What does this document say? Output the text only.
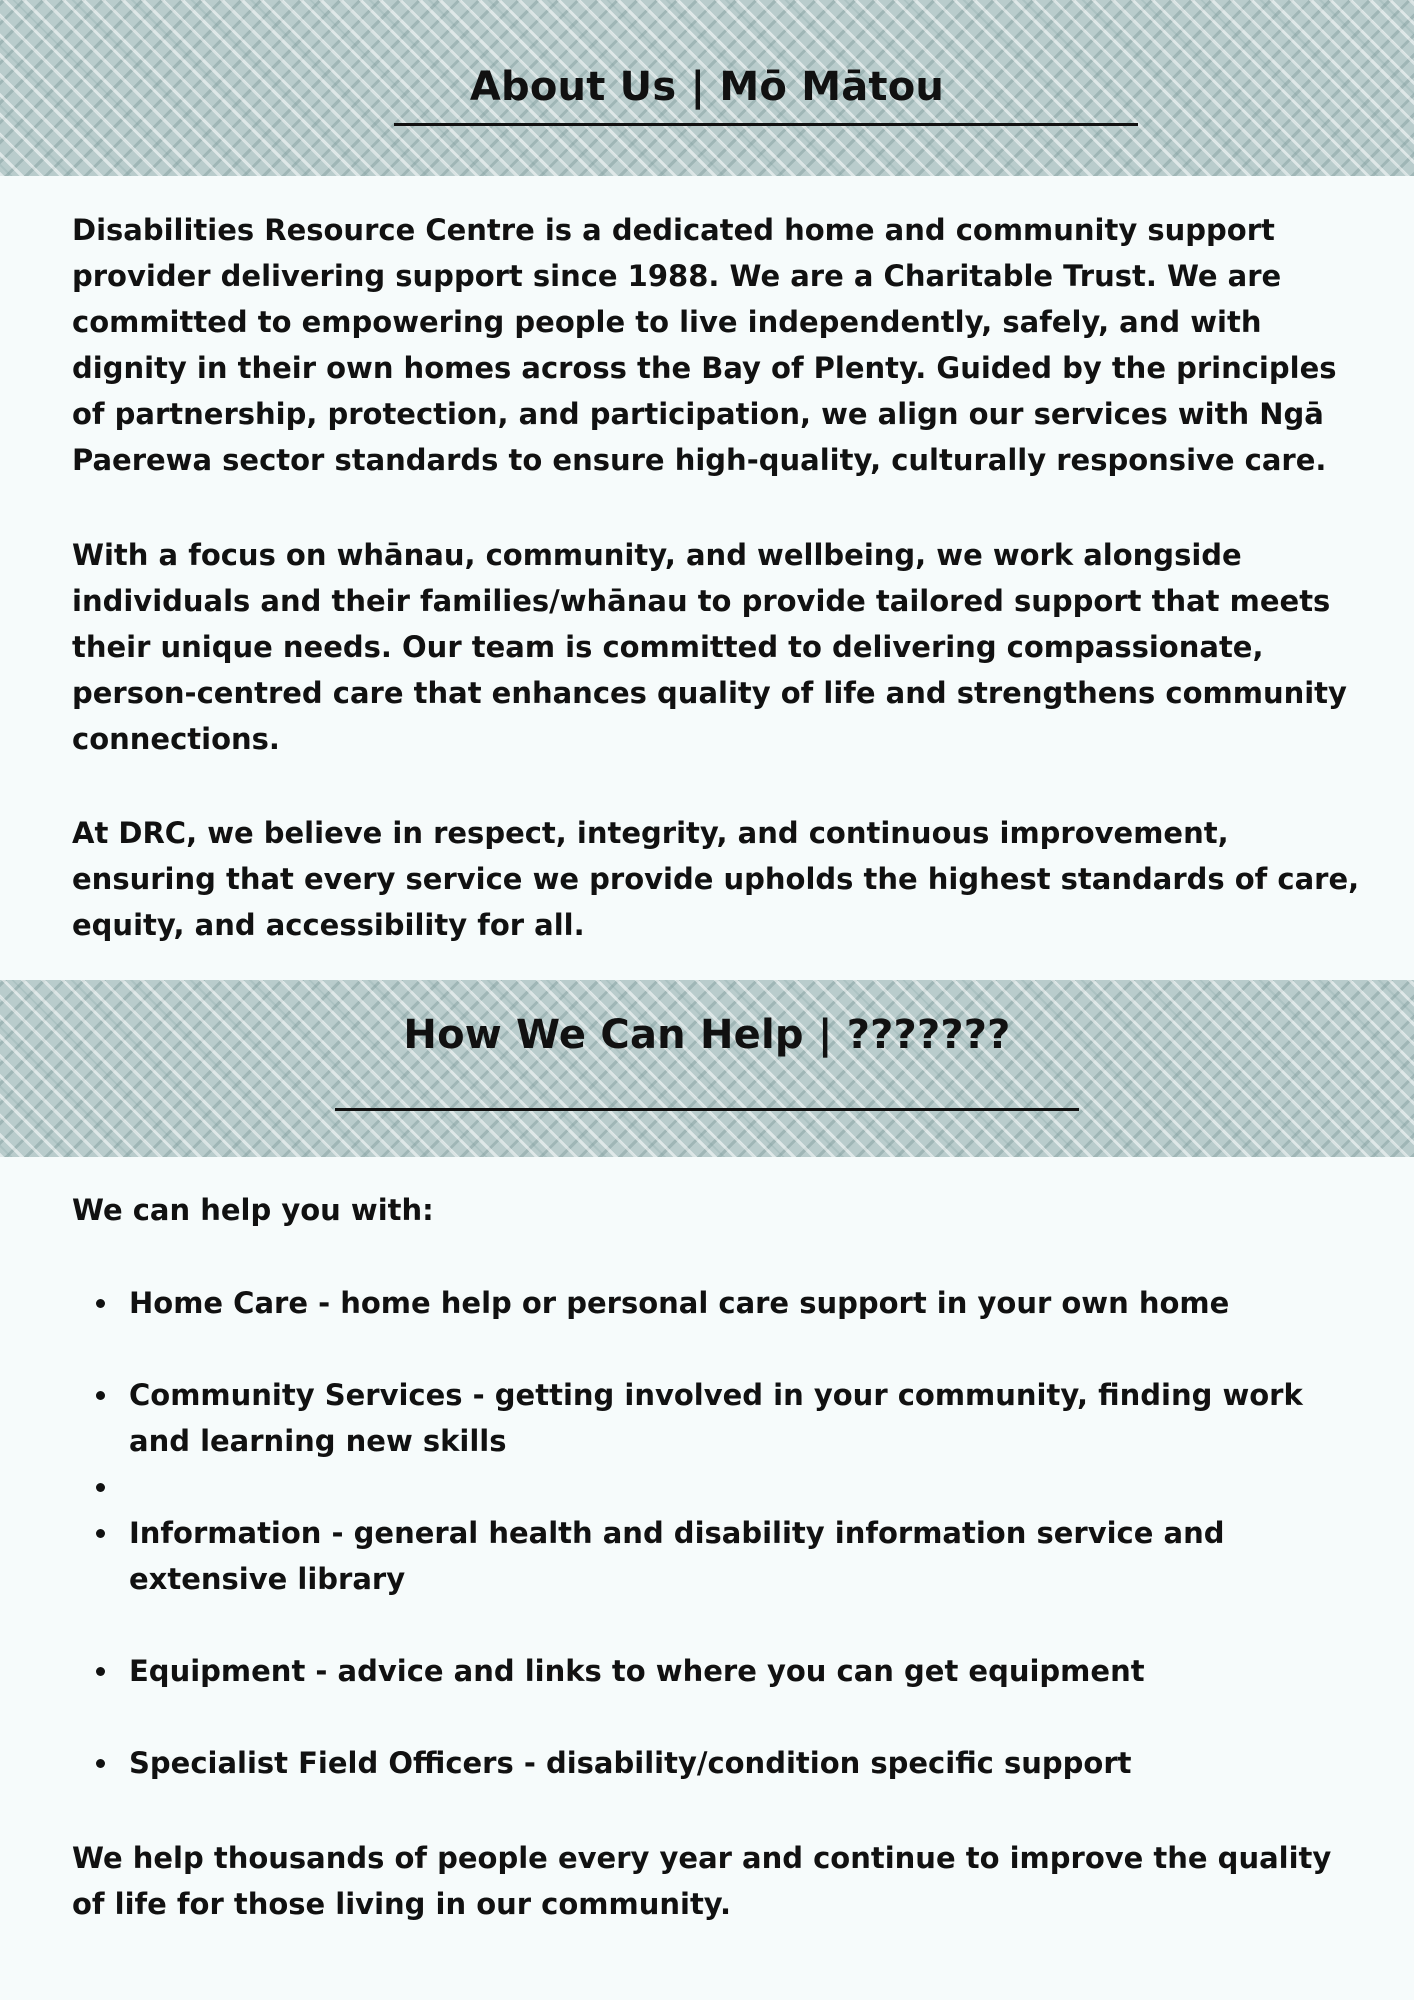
About Us | Mō Mātou

Disabilities Resource Centre is a dedicated home and community support provider delivering support since 1988. We are a Charitable Trust. We are committed to empowering people to live independently, safely, and with dignity in their own homes across the Bay of Plenty. Guided by the principles of partnership, protection, and participation, we align our services with Ngā Paerewa sector standards to ensure high-quality, culturally responsive care.

With a focus on whānau, community, and wellbeing, we work alongside individuals and their families/whānau to provide tailored support that meets their unique needs. Our team is committed to delivering compassionate, person-centred care that enhances quality of life and strengthens community connections.

At DRC, we believe in respect, integrity, and continuous improvement, ensuring that every service we provide upholds the highest standards of care, equity, and accessibility for all.

How We Can Help | ???????

We can help you with:

Home Care - home help or personal care support in your own home
Community Services - getting involved in your community, finding work and learning new skills
Information - general health and disability information service and extensive library
Equipment - advice and links to where you can get equipment
Specialist Field Officers - disability/condition specific support

We help thousands of people every year and continue to improve the quality of life for those living in our community.
